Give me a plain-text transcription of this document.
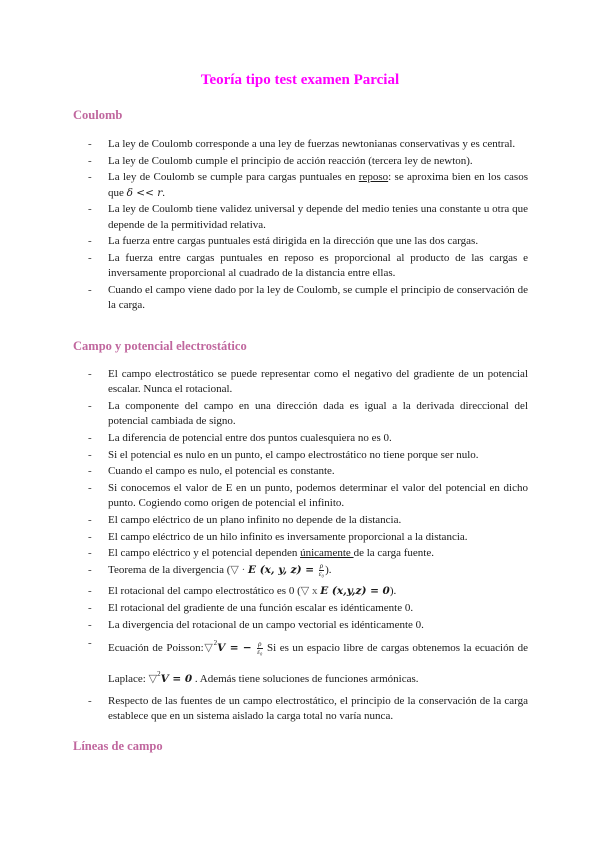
Teoría tipo test examen Parcial
Coulomb
- La ley de Coulomb corresponde a una ley de fuerzas newtonianas conservativas y es central.
- La ley de Coulomb cumple el principio de acción reacción (tercera ley de newton).
- La ley de Coulomb se cumple para cargas puntuales en reposo: se aproxima bien en los casos que δ << r.
- La ley de Coulomb tiene validez universal y depende del medio tenies una constante u otra que depende de la permitividad relativa.
- La fuerza entre cargas puntuales está dirigida en la dirección que une las dos cargas.
- La fuerza entre cargas puntuales en reposo es proporcional al producto de las cargas e inversamente proporcional al cuadrado de la distancia entre ellas.
- Cuando el campo viene dado por la ley de Coulomb, se cumple el principio de conservación de la carga.
Campo y potencial electrostático
- El campo electrostático se puede representar como el negativo del gradiente de un potencial escalar. Nunca el rotacional.
- La componente del campo en una dirección dada es igual a la derivada direccional del potencial cambiada de signo.
- La diferencia de potencial entre dos puntos cualesquiera no es 0.
- Si el potencial es nulo en un punto, el campo electrostático no tiene porque ser nulo.
- Cuando el campo es nulo, el potencial es constante.
- Si conocemos el valor de E en un punto, podemos determinar el valor del potencial en dicho punto. Cogiendo como origen de potencial el infinito.
- El campo eléctrico de un plano infinito no depende de la distancia.
- El campo eléctrico de un hilo infinito es inversamente proporcional a la distancia.
- El campo eléctrico y el potencial dependen únicamente de la carga fuente.
- Teorema de la divergencia (▽ · E (x, y, $z) = \frac{\rho}{\text{ε₀}}$ ).
- El rotacional del campo electrostático es 0 (▽ x E (x,y,z) = 0).
- El rotacional del gradiente de una función escalar es idénticamente 0.
- La divergencia del rotacional de un campo vectorial es idénticamente 0.
- Ecuación de Poisson:▽$^2$V = − $\frac{\rho}{\text{ε₀}}$ Si es un espacio libre de cargas obtenemos la ecuación de Laplace: ▽$^2$V = 0 . Además tiene soluciones de funciones armónicas.
- Respecto de las fuentes de un campo electrostático, el principio de la conservación de la carga establece que en un sistema aislado la carga total no varía nunca.
Líneas de campo
